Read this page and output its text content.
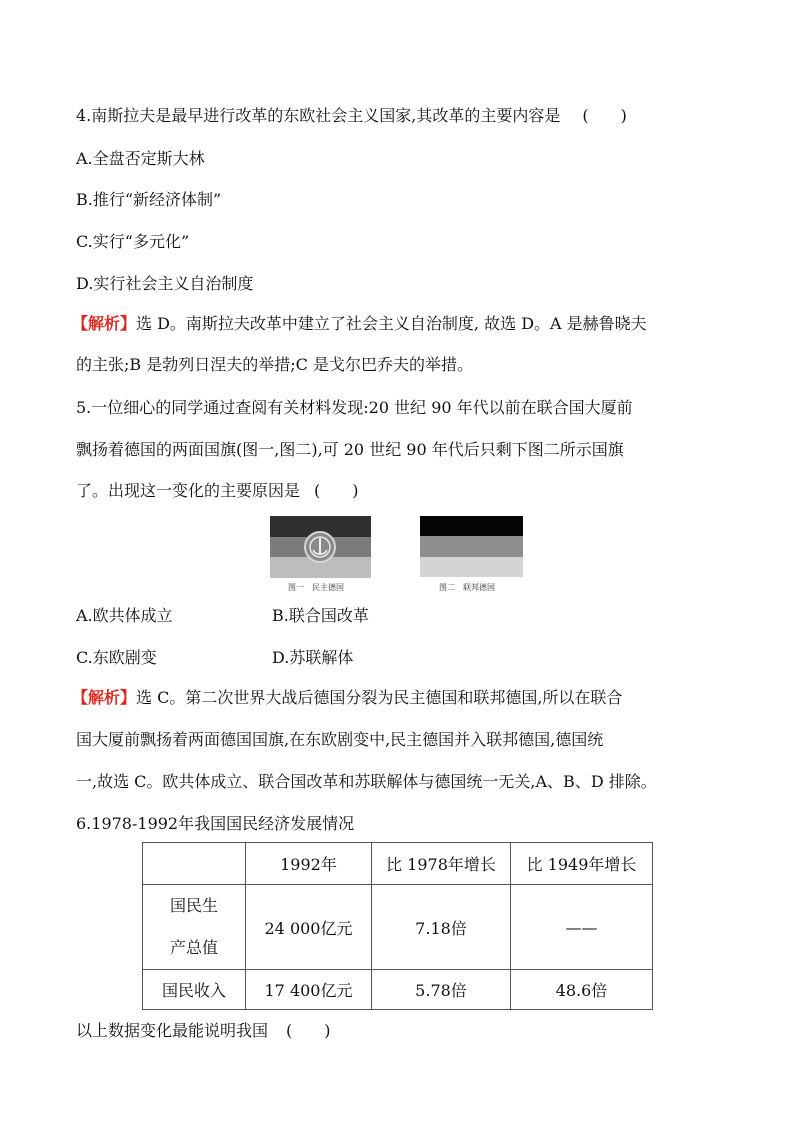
4.南斯拉夫是最早进行改革的东欧社会主义国家,其改革的主要内容是 (　　)
A.全盘否定斯大林
B.推行“新经济体制”
C.实行“多元化”
D.实行社会主义自治制度
【解析】选 D。南斯拉夫改革中建立了社会主义自治制度, 故选 D。A 是赫鲁晓夫
的主张;B 是勃列日涅夫的举措;C 是戈尔巴乔夫的举措。
5.一位细心的同学通过查阅有关材料发现:20 世纪 90 年代以前在联合国大厦前
飘扬着德国的两面国旗(图一,图二),可 20 世纪 90 年代后只剩下图二所示国旗
了。出现这一变化的主要原因是 (　　)
图一　民主德国	图二　联邦德国
A.欧共体成立	B.联合国改革
C.东欧剧变	D.苏联解体
【解析】选 C。第二次世界大战后德国分裂为民主德国和联邦德国,所以在联合
国大厦前飘扬着两面德国国旗,在东欧剧变中,民主德国并入联邦德国,德国统
一,故选 C。欧共体成立、联合国改革和苏联解体与德国统一无关,A、B、D 排除。
6.1978-1992年我国国民经济发展情况
	1992年	比 1978年增长	比 1949年增长
国民生
产总值	24 000亿元	7.18倍	——
国民收入	17 400亿元	5.78倍	48.6倍
以上数据变化最能说明我国 (　　)
